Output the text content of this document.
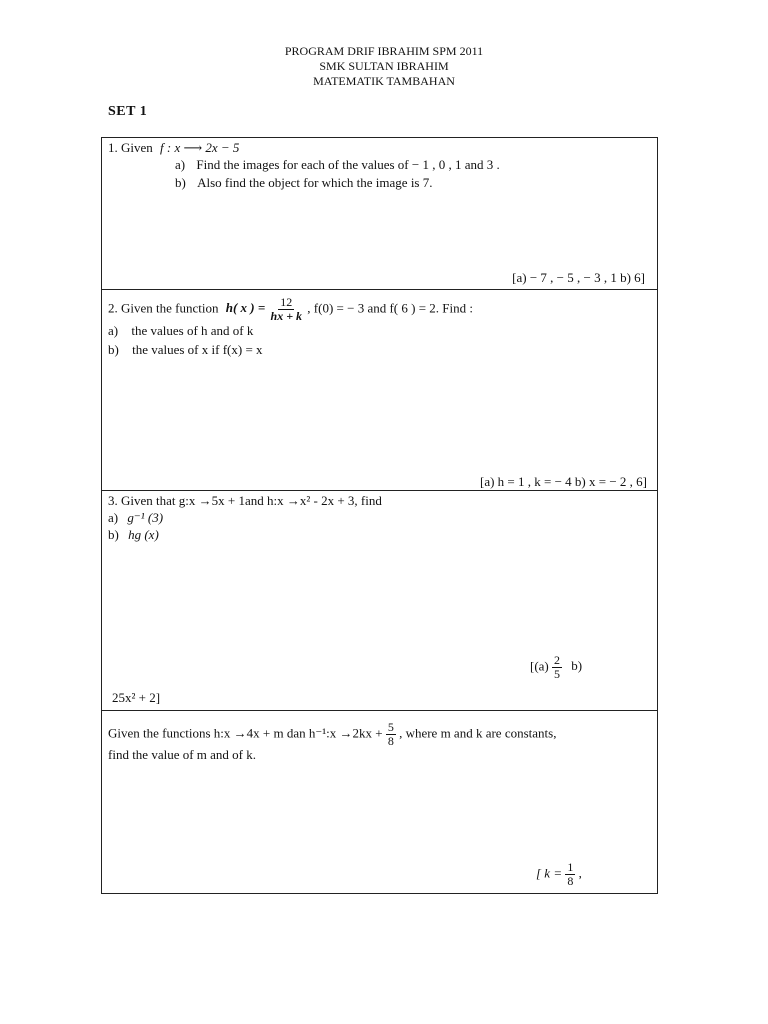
PROGRAM DRIF IBRAHIM SPM 2011
SMK SULTAN IBRAHIM
MATEMATIK TAMBAHAN
SET 1
1. Given f : x ⟶ 2x − 5
a) Find the images for each of the values of − 1 , 0 , 1 and 3 .
b) Also find the object for which the image is 7.
[a) − 7 , − 5 , − 3 , 1 b) 6]
2. Given the function h( x ) = $\frac{12}{hx + k}$ , f(0) = − 3 and f( 6 ) = 2. Find :
a) the values of h and of k
b) the values of x if f(x) = x
[a) h = 1 , k = − 4 b) x = − 2 , 6]
3. Given that g:x →5x + 1and h:x →x² - 2x + 3, find
a) g⁻¹ (3)
b) hg (x)
$[(a) \frac{2}{5} b)$
25x² + 2]
Given the functions h:x →4x + m dan h⁻¹:x $\to 2kx + \frac{5}{8}$ , where m and k are constants,
find the value of m and of k.
[ $k = \frac{1}{8}$ ,
